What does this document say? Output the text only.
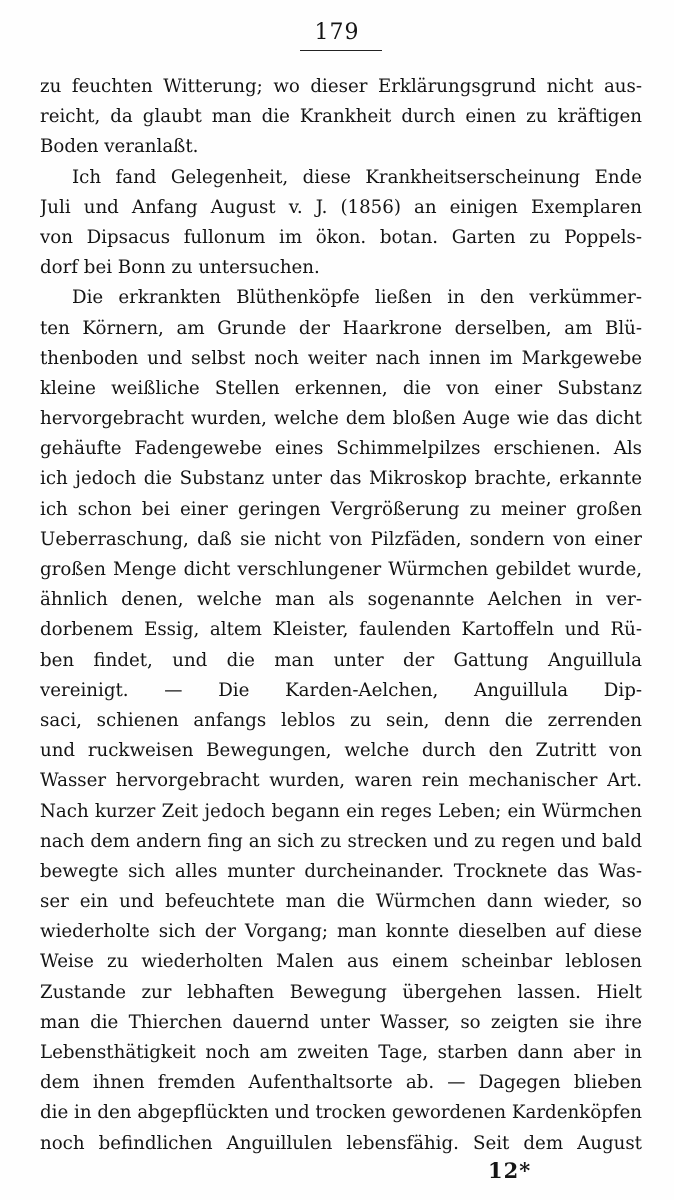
179
zu feuchten Witterung; wo dieser Erklärungsgrund nicht aus-
reicht, da glaubt man die Krankheit durch einen zu kräftigen
Boden veranlaßt.
Ich fand Gelegenheit, diese Krankheitserscheinung Ende
Juli und Anfang August v. J. (1856) an einigen Exemplaren
von Dipsacus fullonum im ökon. botan. Garten zu Poppels-
dorf bei Bonn zu untersuchen.
Die erkrankten Blüthenköpfe ließen in den verkümmer-
ten Körnern, am Grunde der Haarkrone derselben, am Blü-
thenboden und selbst noch weiter nach innen im Markgewebe
kleine weißliche Stellen erkennen, die von einer Substanz
hervorgebracht wurden, welche dem bloßen Auge wie das dicht
gehäufte Fadengewebe eines Schimmelpilzes erschienen. Als
ich jedoch die Substanz unter das Mikroskop brachte, erkannte
ich schon bei einer geringen Vergrößerung zu meiner großen
Ueberraschung, daß sie nicht von Pilzfäden, sondern von einer
großen Menge dicht verschlungener Würmchen gebildet wurde,
ähnlich denen, welche man als sogenannte Aelchen in ver-
dorbenem Essig, altem Kleister, faulenden Kartoffeln und Rü-
ben findet, und die man unter der Gattung Anguillula
vereinigt. — Die Karden-Aelchen, Anguillula Dip-
saci, schienen anfangs leblos zu sein, denn die zerrenden
und ruckweisen Bewegungen, welche durch den Zutritt von
Wasser hervorgebracht wurden, waren rein mechanischer Art.
Nach kurzer Zeit jedoch begann ein reges Leben; ein Würmchen
nach dem andern fing an sich zu strecken und zu regen und bald
bewegte sich alles munter durcheinander. Trocknete das Was-
ser ein und befeuchtete man die Würmchen dann wieder, so
wiederholte sich der Vorgang; man konnte dieselben auf diese
Weise zu wiederholten Malen aus einem scheinbar leblosen
Zustande zur lebhaften Bewegung übergehen lassen. Hielt
man die Thierchen dauernd unter Wasser, so zeigten sie ihre
Lebensthätigkeit noch am zweiten Tage, starben dann aber in
dem ihnen fremden Aufenthaltsorte ab. — Dagegen blieben
die in den abgepflückten und trocken gewordenen Kardenköpfen
noch befindlichen Anguillulen lebensfähig. Seit dem August
12*
